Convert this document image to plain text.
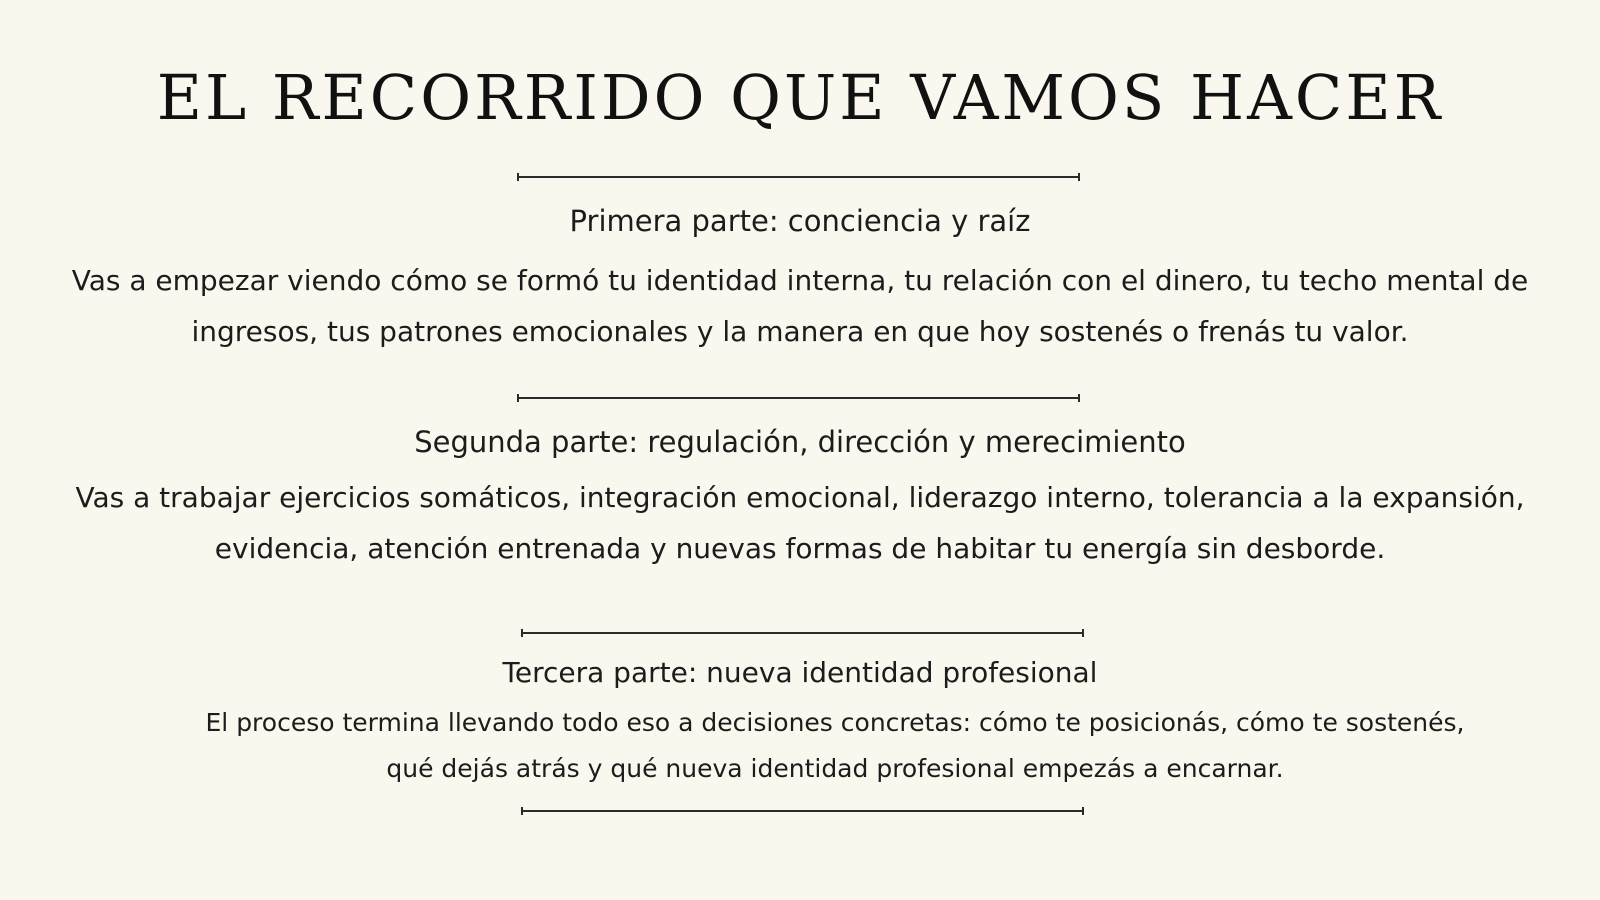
EL RECORRIDO QUE VAMOS HACER
Primera parte: conciencia y raíz

Vas a empezar viendo cómo se formó tu identidad interna, tu relación con el dinero, tu techo mental de ingresos, tus patrones emocionales y la manera en que hoy sostenés o frenás tu valor.

Segunda parte: regulación, dirección y merecimiento

Vas a trabajar ejercicios somáticos, integración emocional, liderazgo interno, tolerancia a la expansión, evidencia, atención entrenada y nuevas formas de habitar tu energía sin desborde.

Tercera parte: nueva identidad profesional

El proceso termina llevando todo eso a decisiones concretas: cómo te posicionás, cómo te sostenés, qué dejás atrás y qué nueva identidad profesional empezás a encarnar.
